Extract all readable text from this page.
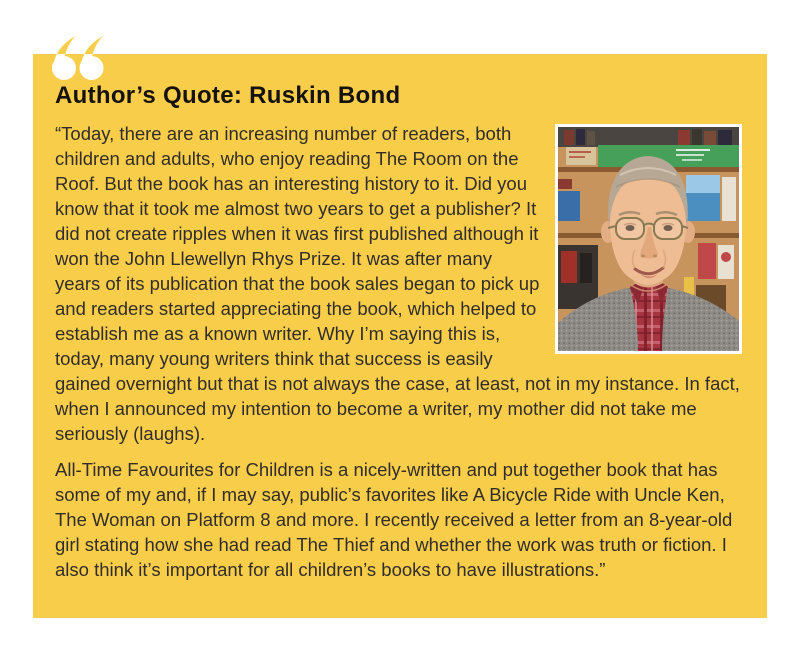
Author’s Quote: Ruskin Bond

“Today, there are an increasing number of readers, both children and adults, who enjoy reading The Room on the Roof. But the book has an interesting history to it. Did you know that it took me almost two years to get a publisher? It did not create ripples when it was first published although it won the John Llewellyn Rhys Prize. It was after many years of its publication that the book sales began to pick up and readers started appreciating the book, which helped to establish me as a known writer. Why I’m saying this is, today, many young writers think that success is easily gained overnight but that is not always the case, at least, not in my instance. In fact, when I announced my intention to become a writer, my mother did not take me seriously (laughs).

All-Time Favourites for Children is a nicely-written and put together book that has some of my and, if I may say, public’s favorites like A Bicycle Ride with Uncle Ken, The Woman on Platform 8 and more. I recently received a letter from an 8-year-old girl stating how she had read The Thief and whether the work was truth or fiction. I also think it’s important for all children’s books to have illustrations.”
